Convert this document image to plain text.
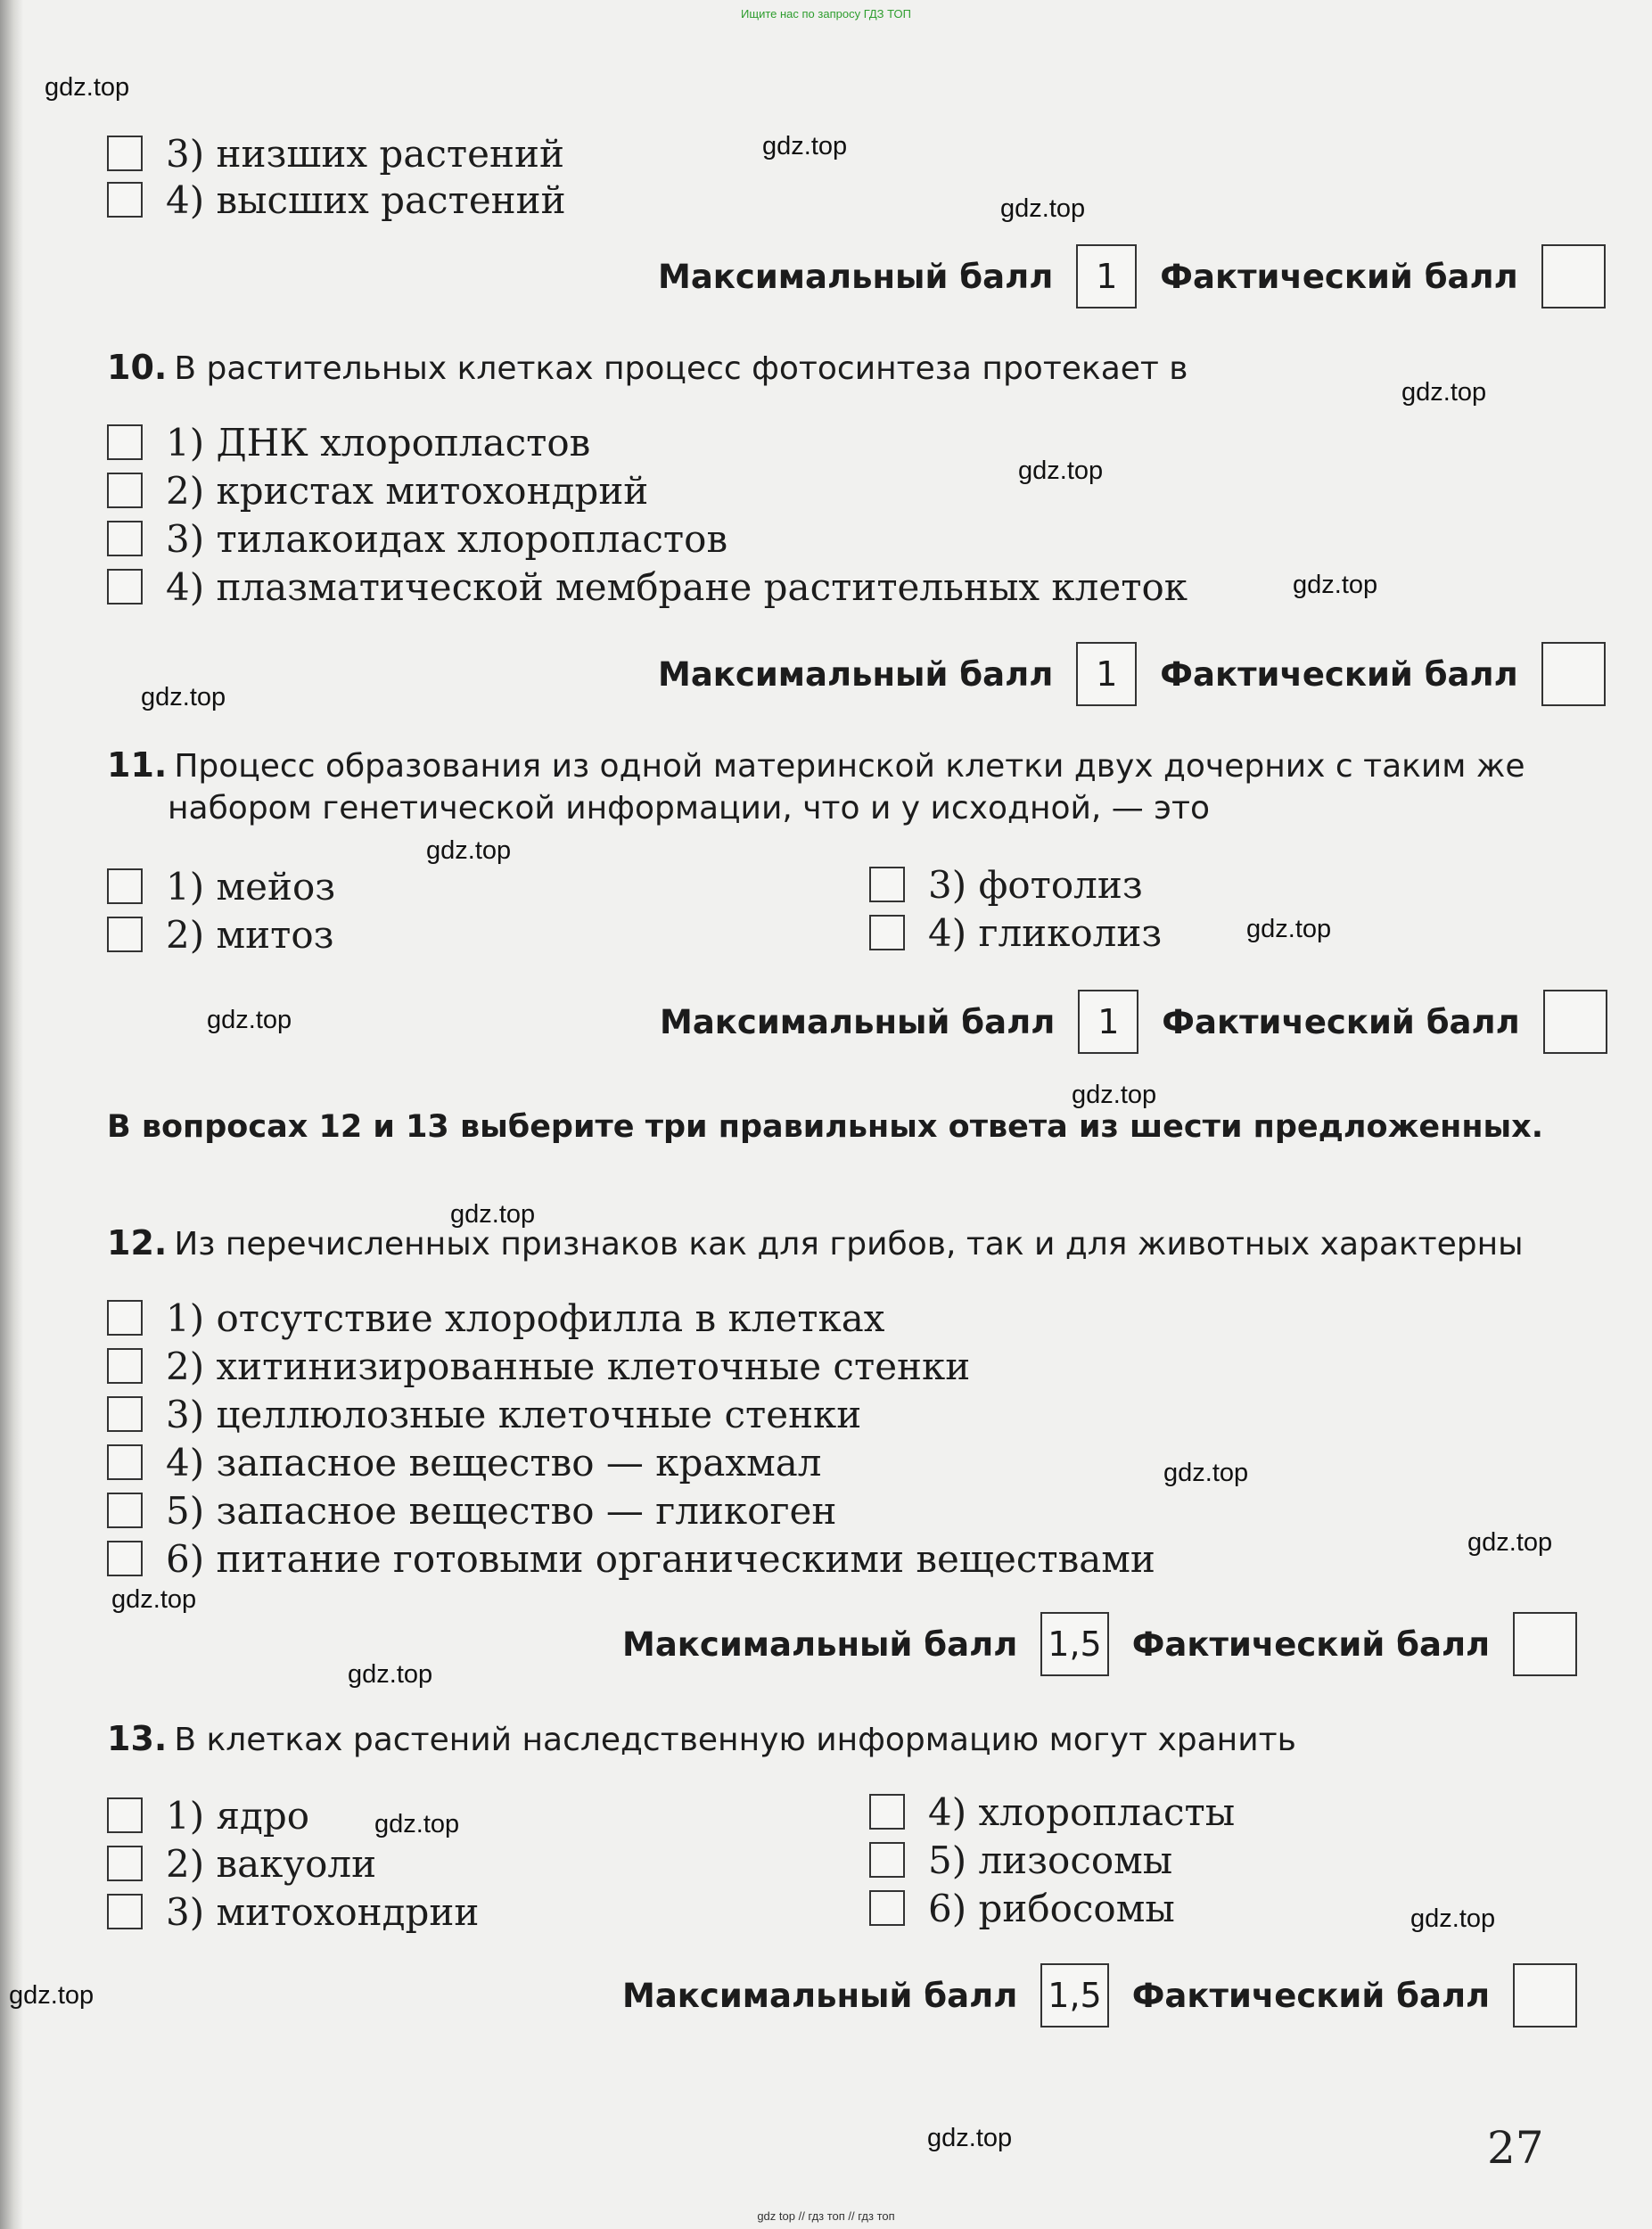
Ищите нас по запросу ГДЗ ТОП
gdz.top
gdz.top
gdz.top
gdz.top
gdz.top
gdz.top
gdz.top
gdz.top
gdz.top
gdz.top
gdz.top
gdz.top
gdz.top
gdz.top
gdz.top
gdz.top
gdz.top
gdz.top
gdz.top
gdz.top
3) низших растений
4) высших растений
Максимальный балл	1	Фактический балл
10. В растительных клетках процесс фотосинтеза протекает в
1) ДНК хлоропластов
2) кристах митохондрий
3) тилакоидах хлоропластов
4) плазматической мембране растительных клеток
Максимальный балл	1	Фактический балл
11. Процесс образования из одной материнской клетки двух дочерних с таким же
набором генетической информации, что и у исходной, — это
1) мейоз
2) митоз
3) фотолиз
4) гликолиз
Максимальный балл	1	Фактический балл
В вопросах 12 и 13 выберите три правильных ответа из шести предложенных.
12. Из перечисленных признаков как для грибов, так и для животных характерны
1) отсутствие хлорофилла в клетках
2) хитинизированные клеточные стенки
3) целлюлозные клеточные стенки
4) запасное вещество — крахмал
5) запасное вещество — гликоген
6) питание готовыми органическими веществами
Максимальный балл 1,5 Фактический балл
13. В клетках растений наследственную информацию могут хранить
1) ядро
2) вакуоли
3) митохондрии
4) хлоропласты
5) лизосомы
6) рибосомы
Максимальный балл 1,5 Фактический балл
27
gdz top // гдз топ // гдз топ
